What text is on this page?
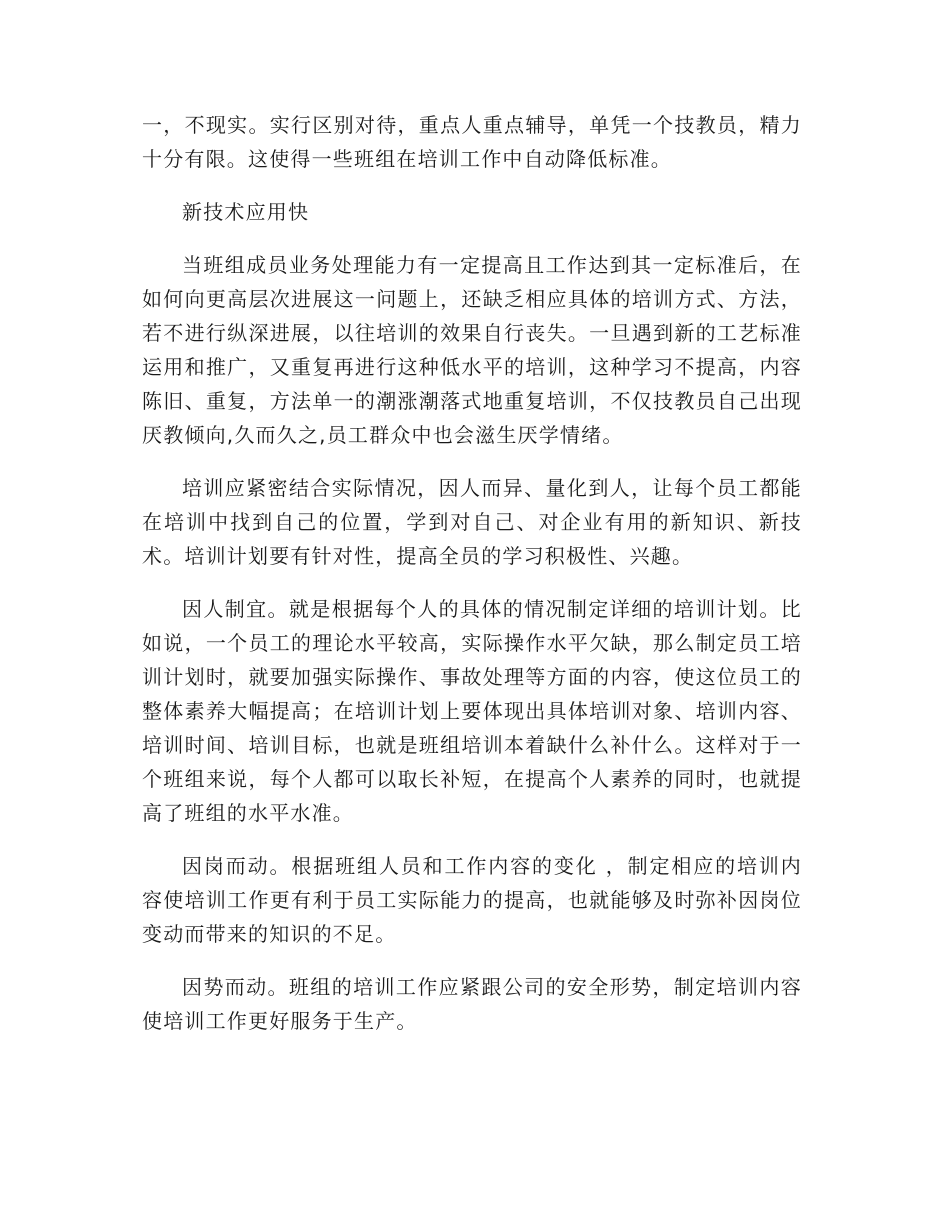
一，不现实。实行区别对待，重点人重点辅导，单凭一个技教员，精力十分有限。这使得一些班组在培训工作中自动降低标准。

新技术应用快

当班组成员业务处理能力有一定提高且工作达到其一定标准后，在如何向更高层次进展这一问题上，还缺乏相应具体的培训方式、方法，若不进行纵深进展，以往培训的效果自行丧失。一旦遇到新的工艺标准运用和推广，又重复再进行这种低水平的培训，这种学习不提高，内容陈旧、重复，方法单一的潮涨潮落式地重复培训，不仅技教员自己出现厌教倾向,久而久之,员工群众中也会滋生厌学情绪。

培训应紧密结合实际情况，因人而异、量化到人，让每个员工都能在培训中找到自己的位置，学到对自己、对企业有用的新知识、新技术。培训计划要有针对性，提高全员的学习积极性、兴趣。

因人制宜。就是根据每个人的具体的情况制定详细的培训计划。比如说，一个员工的理论水平较高，实际操作水平欠缺，那么制定员工培训计划时，就要加强实际操作、事故处理等方面的内容，使这位员工的整体素养大幅提高；在培训计划上要体现出具体培训对象、培训内容、培训时间、培训目标，也就是班组培训本着缺什么补什么。这样对于一个班组来说，每个人都可以取长补短，在提高个人素养的同时，也就提高了班组的水平水准。

因岗而动。根据班组人员和工作内容的变化 ，制定相应的培训内容使培训工作更有利于员工实际能力的提高，也就能够及时弥补因岗位变动而带来的知识的不足。

因势而动。班组的培训工作应紧跟公司的安全形势，制定培训内容使培训工作更好服务于生产。
